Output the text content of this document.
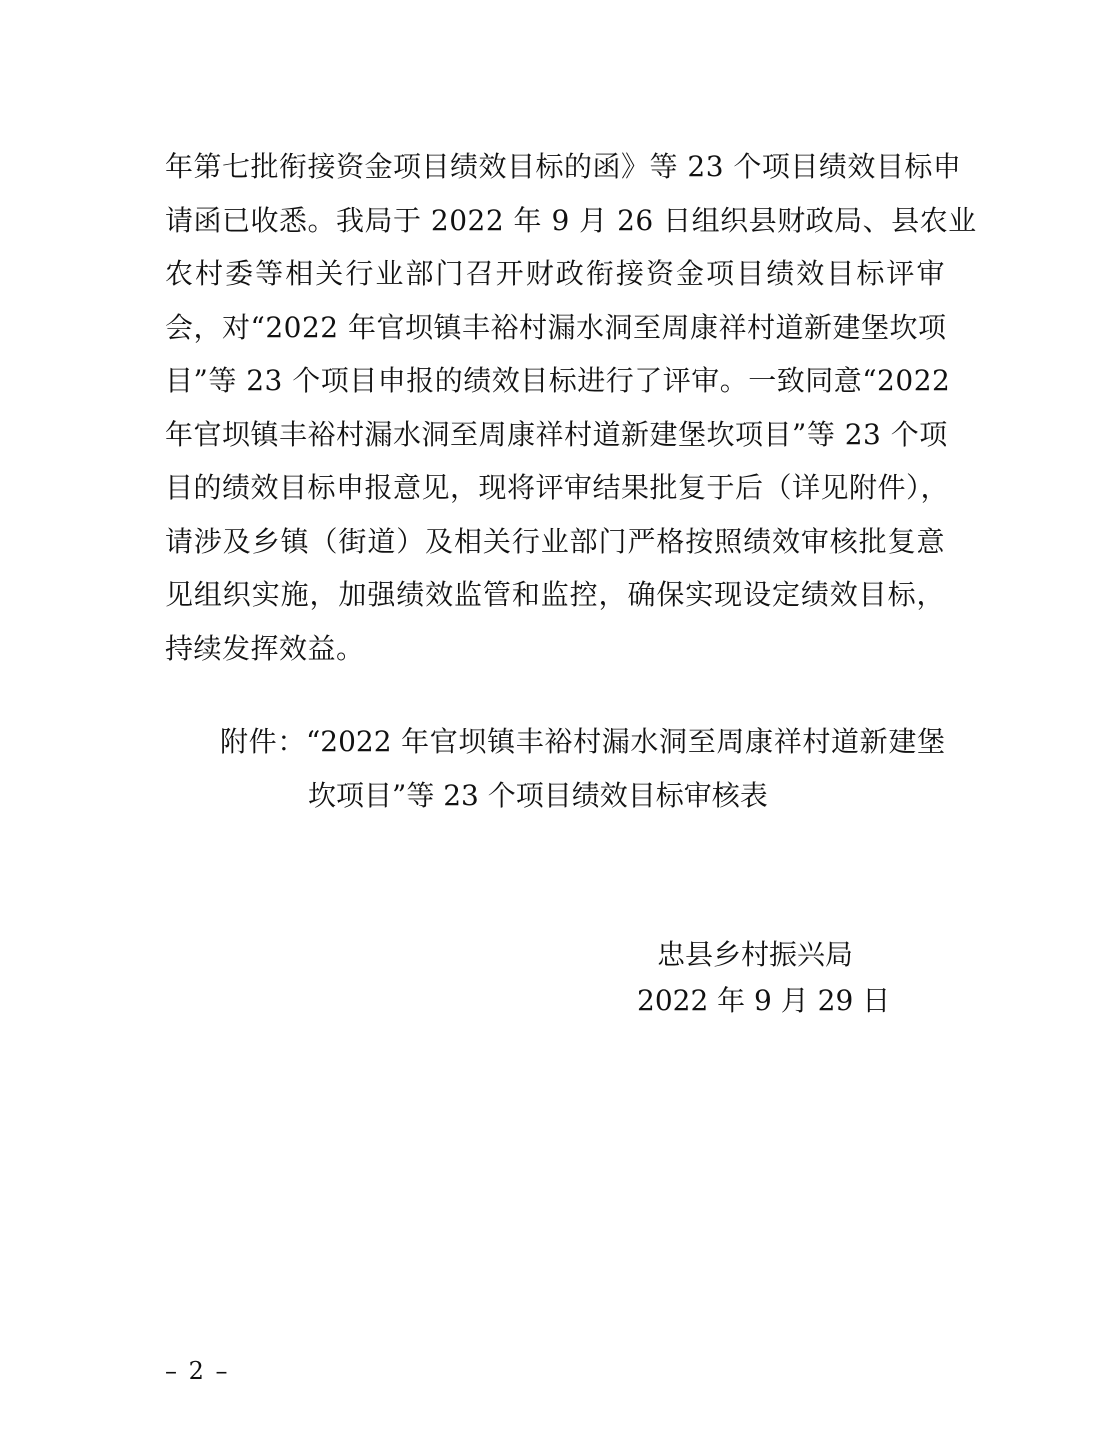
年第七批衔接资金项目绩效目标的函》等 23 个项目绩效目标申
请函已收悉。我局于 2022 年 9 月 26 日组织县财政局、县农业
农村委等相关行业部门召开财政衔接资金项目绩效目标评审
会，对“2022 年官坝镇丰裕村漏水洞至周康祥村道新建堡坎项
目”等 23 个项目申报的绩效目标进行了评审。一致同意“2022
年官坝镇丰裕村漏水洞至周康祥村道新建堡坎项目”等 23 个项
目的绩效目标申报意见，现将评审结果批复于后（详见附件），
请涉及乡镇（街道）及相关行业部门严格按照绩效审核批复意
见组织实施，加强绩效监管和监控，确保实现设定绩效目标，
持续发挥效益。
附件：“2022 年官坝镇丰裕村漏水洞至周康祥村道新建堡
坎项目”等 23 个项目绩效目标审核表
忠县乡村振兴局
2022 年 9 月 29 日
– 2 –
